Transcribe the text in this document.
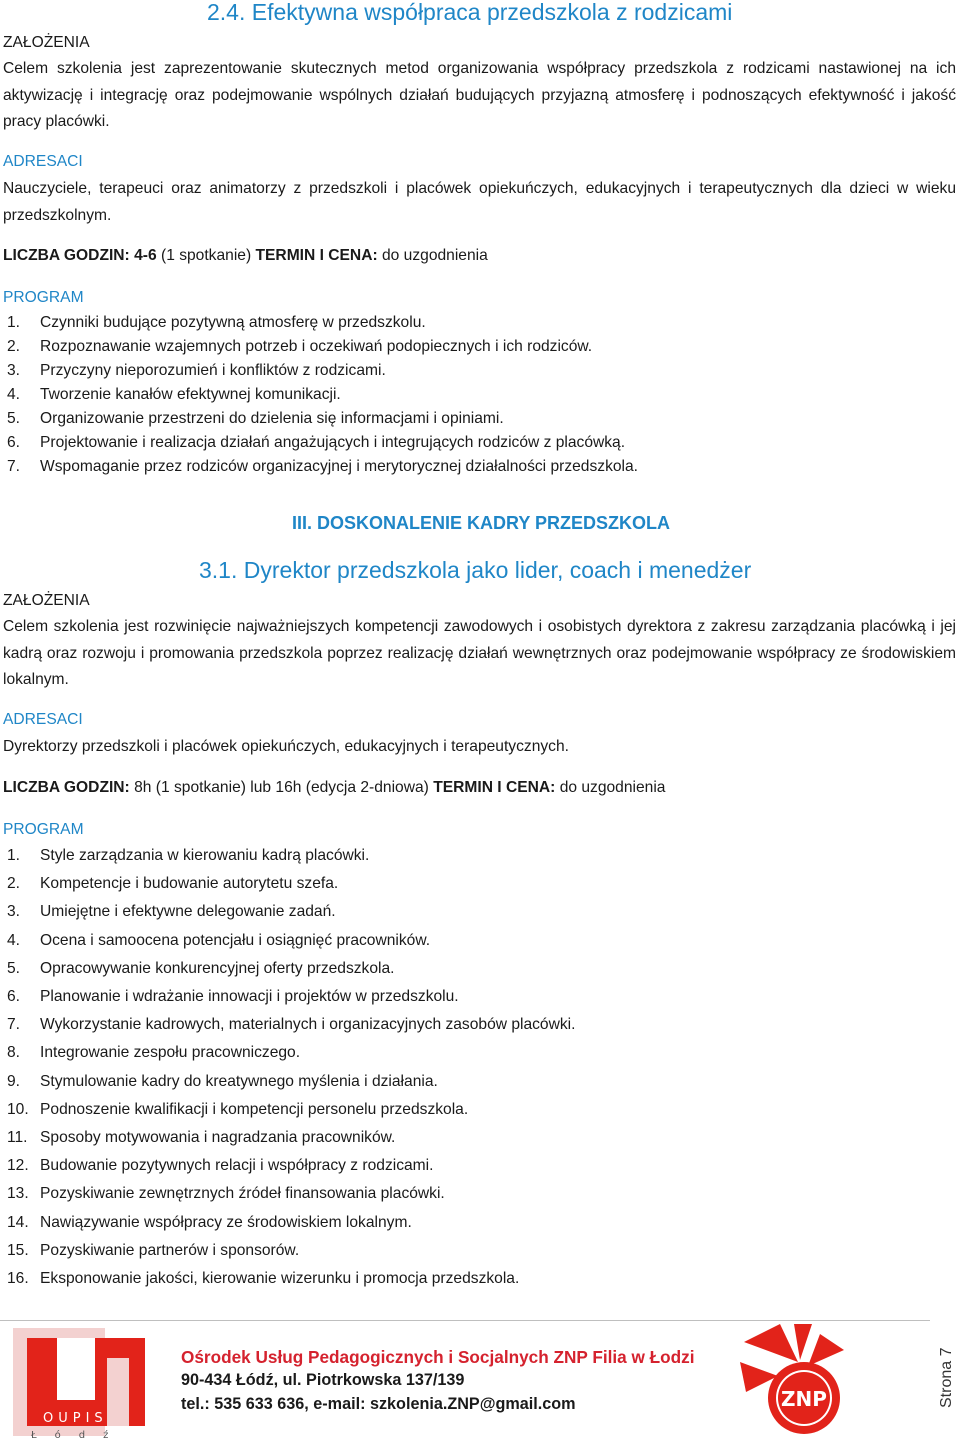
2.4. Efektywna współpraca przedszkola z rodzicami
ZAŁOŻENIA
Celem szkolenia jest zaprezentowanie skutecznych metod organizowania współpracy przedszkola z rodzicami nastawionej na ich aktywizację i integrację oraz podejmowanie wspólnych działań budujących przyjazną atmosferę i podnoszących efektywność i jakość pracy placówki.
ADRESACI
Nauczyciele, terapeuci oraz animatorzy z przedszkoli i placówek opiekuńczych, edukacyjnych i terapeutycznych dla dzieci w wieku przedszkolnym.
LICZBA GODZIN: 4-6 (1 spotkanie) TERMIN I CENA: do uzgodnienia
PROGRAM
1. Czynniki budujące pozytywną atmosferę w przedszkolu.
2. Rozpoznawanie wzajemnych potrzeb i oczekiwań podopiecznych i ich rodziców.
3. Przyczyny nieporozumień i konfliktów z rodzicami.
4. Tworzenie kanałów efektywnej komunikacji.
5. Organizowanie przestrzeni do dzielenia się informacjami i opiniami.
6. Projektowanie i realizacja działań angażujących i integrujących rodziców z placówką.
7. Wspomaganie przez rodziców organizacyjnej i merytorycznej działalności przedszkola.
III. DOSKONALENIE KADRY PRZEDSZKOLA
3.1. Dyrektor przedszkola jako lider, coach i menedżer
ZAŁOŻENIA
Celem szkolenia jest rozwinięcie najważniejszych kompetencji zawodowych i osobistych dyrektora z zakresu zarządzania placówką i jej kadrą oraz rozwoju i promowania przedszkola poprzez realizację działań wewnętrznych oraz podejmowanie współpracy ze środowiskiem lokalnym.
ADRESACI
Dyrektorzy przedszkoli i placówek opiekuńczych, edukacyjnych i terapeutycznych.
LICZBA GODZIN: 8h (1 spotkanie) lub 16h (edycja 2-dniowa) TERMIN I CENA: do uzgodnienia
PROGRAM
1. Style zarządzania w kierowaniu kadrą placówki.
2. Kompetencje i budowanie autorytetu szefa.
3. Umiejętne i efektywne delegowanie zadań.
4. Ocena i samoocena potencjału i osiągnięć pracowników.
5. Opracowywanie konkurencyjnej oferty przedszkola.
6. Planowanie i wdrażanie innowacji i projektów w przedszkolu.
7. Wykorzystanie kadrowych, materialnych i organizacyjnych zasobów placówki.
8. Integrowanie zespołu pracowniczego.
9. Stymulowanie kadry do kreatywnego myślenia i działania.
10. Podnoszenie kwalifikacji i kompetencji personelu przedszkola.
11. Sposoby motywowania i nagradzania pracowników.
12. Budowanie pozytywnych relacji i współpracy z rodzicami.
13. Pozyskiwanie zewnętrznych źródeł finansowania placówki.
14. Nawiązywanie współpracy ze środowiskiem lokalnym.
15. Pozyskiwanie partnerów i sponsorów.
16. Eksponowanie jakości, kierowanie wizerunku i promocja przedszkola.
OUPIS
Łódź
Ośrodek Usług Pedagogicznych i Socjalnych ZNP Filia w Łodzi
90-434 Łódź, ul. Piotrkowska 137/139
tel.: 535 633 636, e-mail: szkolenia.ZNP@gmail.com	ZNP	Strona 7
